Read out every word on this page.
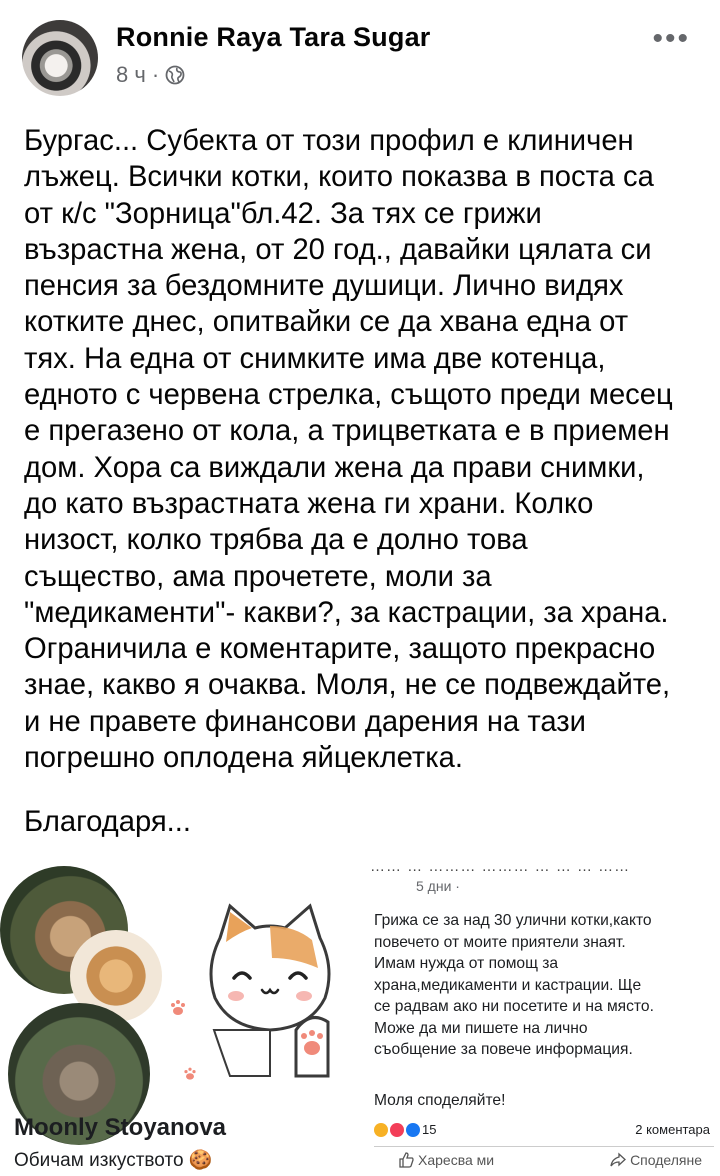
Ronnie Raya Tara Sugar
8 ч ·
•••
Бургас... Субекта от този профил е клиничен
лъжец. Всички котки, които показва в поста са
от к/с "Зорница"бл.42. За тях се грижи
възрастна жена, от 20 год., давайки цялата си
пенсия за бездомните душици. Лично видях
котките днес, опитвайки се да хвана една от
тях. На една от снимките има две котенца,
едното с червена стрелка, същото преди месец
е прегазено от кола, а трицветката е в приемен
дом. Хора са виждали жена да прави снимки,
до като възрастната жена ги храни. Колко
низост, колко трябва да е долно това
същество, ама прочетете, моли за
"медикаменти"- какви?, за кастрации, за храна.
Ограничила е коментарите, защото прекрасно
знае, какво я очаква. Моля, не се подвеждайте,
и не правете финансови дарения на тази
погрешно оплодена яйцеклетка.
Благодаря...
Moonly Stoyanova
Обичам изкуството 🍪
…… … ……… ……… … … … ……
5 дни ·
Грижа се за над 30 улични котки,както
повечето от моите приятели знаят.
Имам нужда от помощ за
храна,медикаменти и кастрации. Ще
се радвам ако ни посетите и на място.
Може да ми пишете на лично
съобщение за повече информация.
Моля споделяйте!
15	2 коментара
Харесва ми	Споделяне
